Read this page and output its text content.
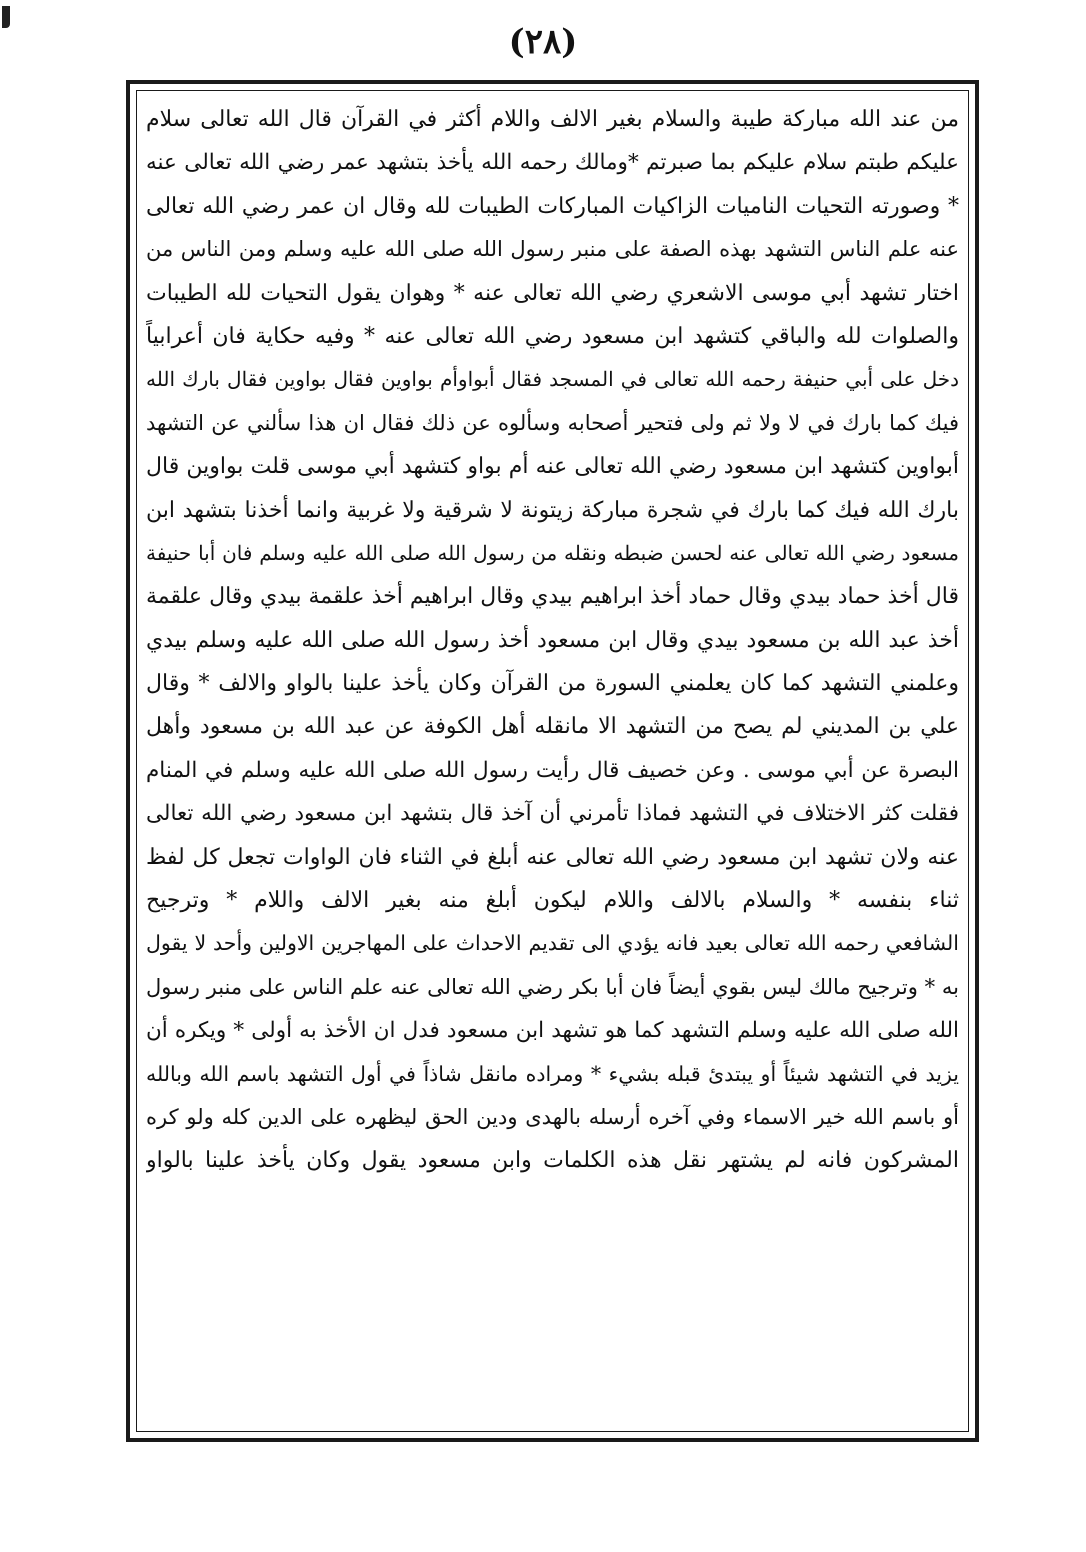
(٢٨)
من عند الله مباركة طيبة والسلام بغير الالف واللام أكثر في القرآن قال الله تعالى سلام
عليكم طبتم سلام عليكم بما صبرتم *ومالك رحمه الله يأخذ بتشهد عمر رضي الله تعالى عنه
* وصورته التحيات الناميات الزاكيات المباركات الطيبات لله وقال ان عمر رضي الله تعالى
عنه علم الناس التشهد بهذه الصفة على منبر رسول الله صلى الله عليه وسلم ومن الناس من
اختار تشهد أبي موسى الاشعري رضي الله تعالى عنه * وهوان يقول التحيات لله الطيبات
والصلوات لله والباقي كتشهد ابن مسعود رضي الله تعالى عنه * وفيه حكاية فان أعرابياً
دخل على أبي حنيفة رحمه الله تعالى في المسجد فقال أبواوأم بواوين فقال بواوين فقال بارك الله
فيك كما بارك في لا ولا ثم ولى فتحير أصحابه وسألوه عن ذلك فقال ان هذا سألني عن التشهد
أبواوين كتشهد ابن مسعود رضي الله تعالى عنه أم بواو كتشهد أبي موسى قلت بواوين قال
بارك الله فيك كما بارك في شجرة مباركة زيتونة لا شرقية ولا غربية وانما أخذنا بتشهد ابن
مسعود رضي الله تعالى عنه لحسن ضبطه ونقله من رسول الله صلى الله عليه وسلم فان أبا حنيفة
قال أخذ حماد بيدي وقال حماد أخذ ابراهيم بيدي وقال ابراهيم أخذ علقمة بيدي وقال علقمة
أخذ عبد الله بن مسعود بيدي وقال ابن مسعود أخذ رسول الله صلى الله عليه وسلم بيدي
وعلمني التشهد كما كان يعلمني السورة من القرآن وكان يأخذ علينا بالواو والالف * وقال
علي بن المديني لم يصح من التشهد الا مانقله أهل الكوفة عن عبد الله بن مسعود وأهل
البصرة عن أبي موسى . وعن خصيف قال رأيت رسول الله صلى الله عليه وسلم في المنام
فقلت كثر الاختلاف في التشهد فماذا تأمرني أن آخذ قال بتشهد ابن مسعود رضي الله تعالى
عنه ولان تشهد ابن مسعود رضي الله تعالى عنه أبلغ في الثناء فان الواوات تجعل كل لفظ
ثناء بنفسه * والسلام بالالف واللام ليكون أبلغ منه بغير الالف واللام * وترجيح
الشافعي رحمه الله تعالى بعيد فانه يؤدي الى تقديم الاحداث على المهاجرين الاولين وأحد لا يقول
به * وترجيح مالك ليس بقوي أيضاً فان أبا بكر رضي الله تعالى عنه علم الناس على منبر رسول
الله صلى الله عليه وسلم التشهد كما هو تشهد ابن مسعود فدل ان الأخذ به أولى * ويكره أن
يزيد في التشهد شيئاً أو يبتدئ قبله بشيء * ومراده مانقل شاذاً في أول التشهد باسم الله وبالله
أو باسم الله خير الاسماء وفي آخره أرسله بالهدى ودين الحق ليظهره على الدين كله ولو كره
المشركون فانه لم يشتهر نقل هذه الكلمات وابن مسعود يقول وكان يأخذ علينا بالواو
